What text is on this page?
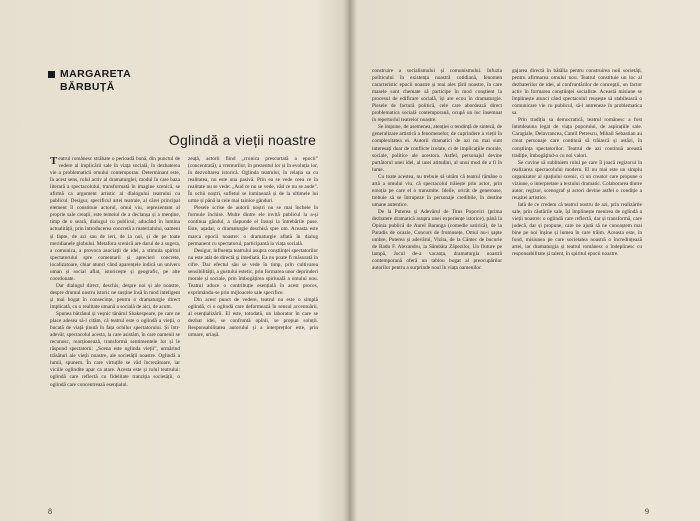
MARGARETA
BĂRBUȚĂ
Oglindă a vieții noastre

Teatrul românesc străbate o perioadă bună, din punctul de vedere al implicării sale în viața socială, în dezbaterea vie a problematicii omului contemporan. Determinant este, în acest sens, rolul activ al dramaturgiei, modul în care baza literară a spectacolului, transformată în imagine scenică, se afirmă ca argument artistic al dialogului teatrului cu publicul. Desigur, specificul artei teatrale, al cărei principal element îl constituie actorul, omul viu, reprezentant al proprie sale creații, este temeiul de a declanșa și a menține, timp de o seară, dialogul cu publicul, aducând în lumina actualității, prin introducerea concretă a materialului, oameni și fapte, de azi sau de ieri, de la noi, și de pe toate meridianele globului. Metafora scenică are darul de a sugera, a comunica, a provoca asociații de idei, a stimula spiritul spectatorului spre comentarii și aprecieri concrete, localizatoare, chiar atunci când aparențele indică un univers uman și social aflat, istoricește și geografic, pe alte coordonate.

Dar dialogul direct, deschis, despre noi și ale noastre, despre drumul nostru istoric ne susține însă în mod inteligent și mai bogat în consecințe, pentru o dramaturgie direct implicată, cu o realitate umană a socială de aici, de acum.

Spunea bătrânul și veșnic tânărul Shakespeare, pe care ne place adesea să-l cităm, că teatrul este o oglindă a vieții, o bucată de viață ținută în fața ochilor spectatorului. Și într-adevăr, spectacolul acesta, la care asistăm, în care oamenii se recunosc, reacționează, transformă sentimentele lor și le răspund spectatorii: „Scena este oglinda vieții”, urmărind trăsături ale vieții noastre, ale societății noastre. Oglindă a lumii, spunem. În care virtuțile se văd încrezătoare, iar viciile oglindite apar ca atare. Acesta este și rolul teatrului: oglindă care reflectă cu fidelitate tranziția societății, o oglindă care concentrează esențialul.

zeață, actorii fiind „cronica prescurtată a epocii” (concentrată), a vremurilor, în prezentul lor și în evoluția lor, în dezvoltarea istorică. Oglinda teatrului, în relația sa cu realitatea, nu este una pasivă. Prin ea se vede ceea ce în realitate nu se vede: „Aud ce nu se vede, văd ce nu se aude”. În ochii noștri, sufletul se luminează și de la ultimele lui urme și până la cele mai tainice gânduri.

Piesele scrise de autorii noștri nu se mai încheie în formule închise. Multe dintre ele invită publicul la a-și continua gândul, a răspunde el însuși la întrebările puse. Este, așadar, o dramaturgie deschisă spre om. Aceasta este marca epocii noastre: o dramaturgie aflată în dialog permanent cu spectatorul, participantă la viața socială.

Desigur, influența teatrului asupra conștiinței spectatorilor nu este atât de directă și imediată. Ea nu poate fi măsurată în cifre. Dar efectul său se vede în timp, prin cultivarea sensibilității, a gustului estetic, prin formarea unor deprinderi morale și sociale, prin îmbogățirea spirituală a omului nou. Teatrul aduce o contribuție esențială în acest proces, exprimându-se prin mijloacele sale specifice.

Din acest punct de vedere, teatrul nu este o simplă oglindă, ci o oglindă care deformează în sensul accentuării, al esențializării. El este, totodată, un laborator în care se dezbat idei, se confruntă opinii, se propun soluții. Responsabilitatea autorului și a interpreților este, prin urmare, uriașă.

8

construire a socialismului și comunismului. Infuzia politicului în existența noastră cotidiană, fenomen caracteristic epocii noastre și mai ales țării noastre, în care masele sunt chemate să participe în mod conștient la procesul de edificare socială, își are ecou în dramaturgie. Piesele de factură politică, cele care abordează direct problematica socială contemporană, ocupă un loc însemnat în repertoriul teatrelor noastre.

Se impune, de asemenea, atenției o tendință de sinteză, de generalizare artistică a fenomenelor, de cuprindere a vieții în complexitatea ei. Autorii dramatici de azi nu mai sunt interesați doar de conflicte izolate, ci de implicațiile morale, sociale, politice ale acestora. Astfel, personajul devine purtătorul unei idei, al unei atitudini, al unui mod de a fi în lume.

Cu toate acestea, nu trebuie să uităm că teatrul rămâne o artă a omului viu, că spectacolul trăiește prin actor, prin emoția pe care el o transmite. Ideile, oricât de generoase, trebuie să se întrupeze în personaje credibile, în destine umane autentice.

De la Puterea și Adevărul de Titus Popovici (prima dezbatere dramatică asupra unei experiențe istorice), până la Opinia publică de Aurel Baranga (comedie satirică), de la Paradis de ocazie, Concurs de frumusețe, Omul nu-i șapte umbre, Puterea și adevărul, Vizita, de la Cântec de bucurie de Radu F. Alexandru, la Sâmbăta Zăpezilor, Un fluture pe lampă, Jocul de-a vacanța, dramaturgia noastră contemporană oferă un tablou bogat al preocupărilor autorilor pentru a surprinde noul în viața oamenilor.

gajarea directă în bătălia pentru construirea noii societăți, pentru afirmarea omului nou. Teatrul constituie un loc al dezbaterilor de idei, al confruntărilor de concepții, un factor activ în formarea conștiinței socialiste. Această misiune se împlinește atunci când spectacolul reușește să stabilească o comunicare vie cu publicul, să-l antreneze în problematica sa.

Prin tradiția sa democratică, teatrul românesc a fost întotdeauna legat de viața poporului, de aspirațiile sale. Caragiale, Delavrancea, Camil Petrescu, Mihail Sebastian au creat personaje care continuă să trăiască și astăzi, în conștiința spectatorilor. Teatrul de azi continuă această tradiție, îmbogățind-o cu noi valori.

Se cuvine să subliniem rolul pe care îl joacă regizorul în realizarea spectacolului modern. El nu mai este un simplu organizator al spațiului scenic, ci un creator care propune o viziune, o interpretare a textului dramatic. Colaborarea dintre autor, regizor, scenograf și actori devine astfel o condiție a reușitei artistice.

Iată de ce credem că teatrul nostru de azi, prin realizările sale, prin căutările sale, își împlinește menirea de oglindă a vieții noastre: o oglindă care reflectă, dar și transformă, care judecă, dar și propune, care ne ajută să ne cunoaștem mai bine pe noi înșine și lumea în care trăim. Aceasta este, în fond, misiunea pe care societatea noastră o încredințează artei, iar dramaturgia și teatrul românesc o îndeplinesc cu responsabilitate și talent, în spiritul epocii noastre.

9
